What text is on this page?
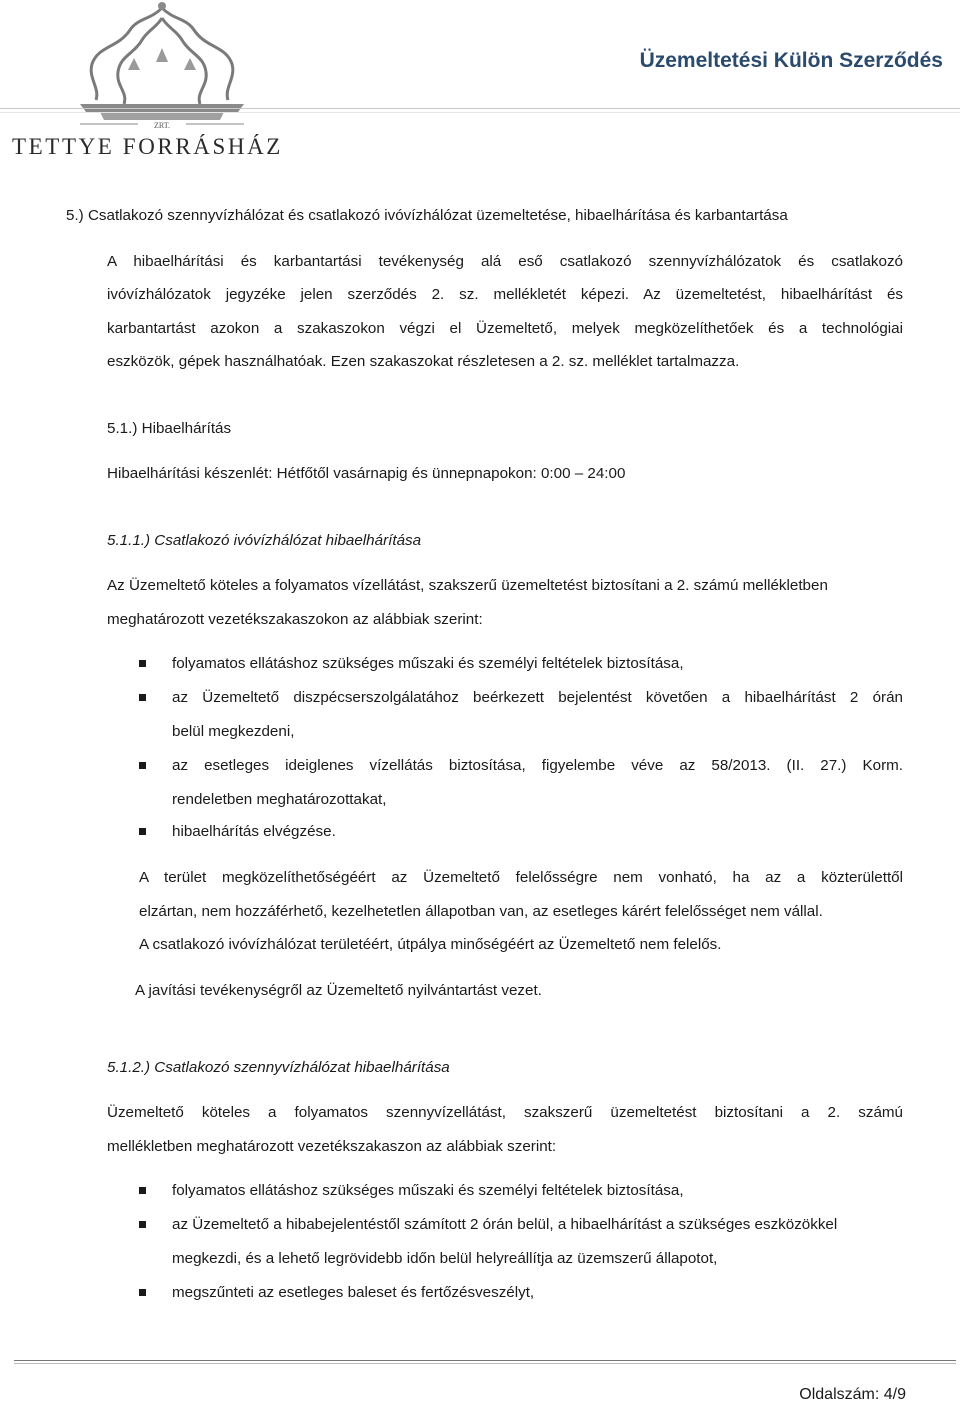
ZRT.
TETTYE FORRÁSHÁZ
Üzemeltetési Külön Szerződés
5.) Csatlakozó szennyvízhálózat és csatlakozó ivóvízhálózat üzemeltetése, hibaelhárítása és karbantartása
A hibaelhárítási és karbantartási tevékenység alá eső csatlakozó szennyvízhálózatok és csatlakozó
ivóvízhálózatok jegyzéke jelen szerződés 2. sz. mellékletét képezi. Az üzemeltetést, hibaelhárítást és
karbantartást azokon a szakaszokon végzi el Üzemeltető, melyek megközelíthetőek és a technológiai
eszközök, gépek használhatóak. Ezen szakaszokat részletesen a 2. sz. melléklet tartalmazza.
5.1.) Hibaelhárítás
Hibaelhárítási készenlét: Hétfőtől vasárnapig és ünnepnapokon: 0:00 – 24:00
5.1.1.) Csatlakozó ivóvízhálózat hibaelhárítása
Az Üzemeltető köteles a folyamatos vízellátást, szakszerű üzemeltetést biztosítani a 2. számú mellékletben
meghatározott vezetékszakaszokon az alábbiak szerint:
folyamatos ellátáshoz szükséges műszaki és személyi feltételek biztosítása,
az Üzemeltető diszpécserszolgálatához beérkezett bejelentést követően a hibaelhárítást 2 órán
belül megkezdeni,
az esetleges ideiglenes vízellátás biztosítása, figyelembe véve az 58/2013. (II. 27.) Korm.
rendeletben meghatározottakat,
hibaelhárítás elvégzése.
A terület megközelíthetőségéért az Üzemeltető felelősségre nem vonható, ha az a közterülettől
elzártan, nem hozzáférhető, kezelhetetlen állapotban van, az esetleges kárért felelősséget nem vállal.
A csatlakozó ivóvízhálózat területéért, útpálya minőségéért az Üzemeltető nem felelős.
A javítási tevékenységről az Üzemeltető nyilvántartást vezet.
5.1.2.) Csatlakozó szennyvízhálózat hibaelhárítása
Üzemeltető köteles a folyamatos szennyvízellátást, szakszerű üzemeltetést biztosítani a 2. számú
mellékletben meghatározott vezetékszakaszon az alábbiak szerint:
folyamatos ellátáshoz szükséges műszaki és személyi feltételek biztosítása,
az Üzemeltető a hibabejelentéstől számított 2 órán belül, a hibaelhárítást a szükséges eszközökkel
megkezdi, és a lehető legrövidebb időn belül helyreállítja az üzemszerű állapotot,
megszűnteti az esetleges baleset és fertőzésveszélyt,
Oldalszám: 4/9
